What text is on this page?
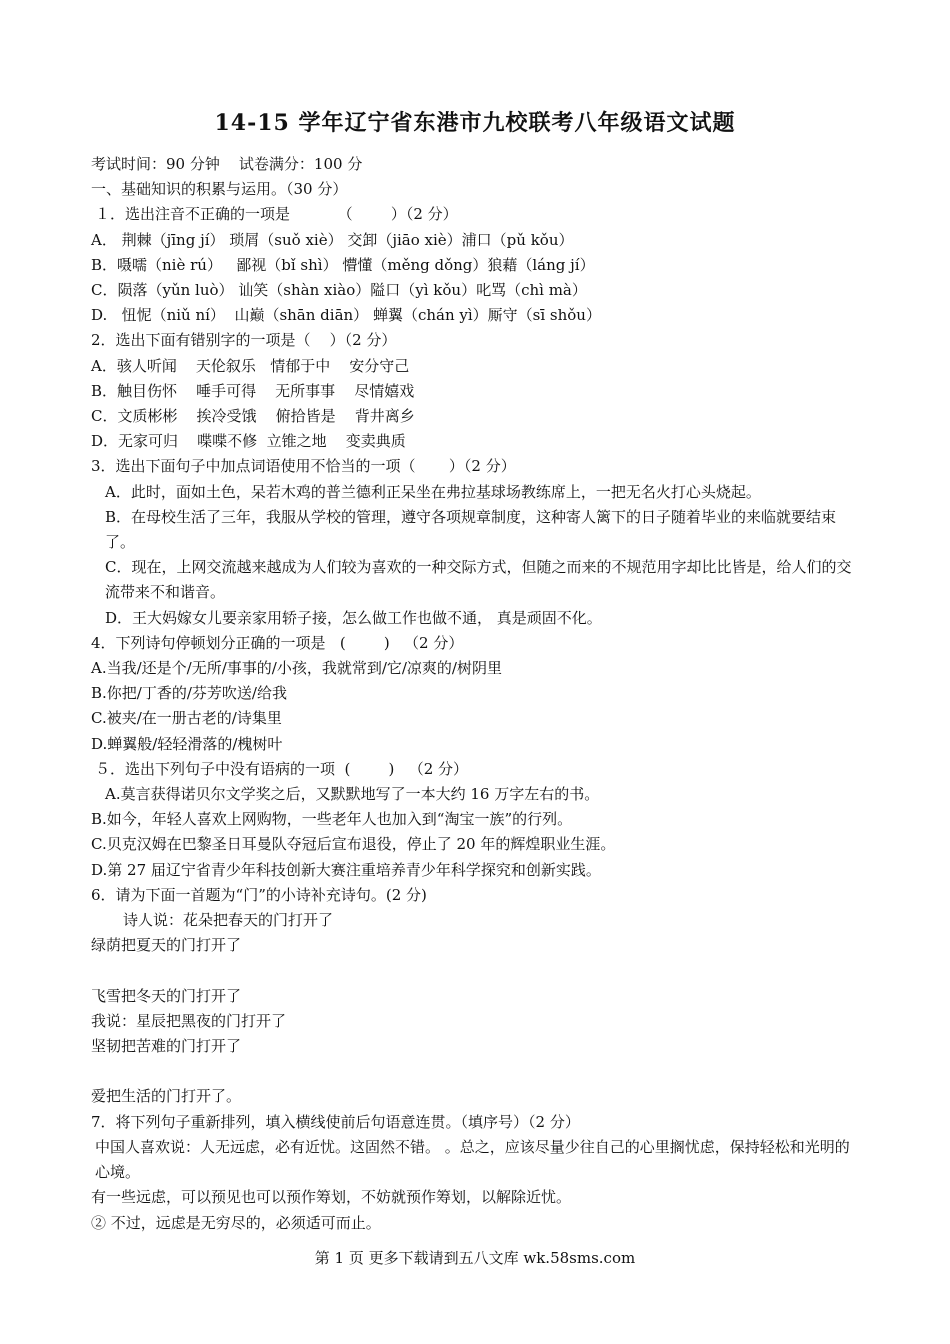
14-15 学年辽宁省东港市九校联考八年级语文试题
考试时间：90 分钟    试卷满分：100 分
一、基础知识的积累与运用。（30 分）
１．选出注音不正确的一项是          （        ）（2 分）
A． 荆棘（jīng jí） 琐屑（suǒ xiè） 交卸（jiāo xiè）浦口（pǔ kǒu）
B．嗫嚅（niè rú）   鄙视（bǐ shì） 懵懂（měng dǒng）狼藉（láng jí）
C．陨落（yǔn luò） 讪笑（shàn xiào）隘口（yì kǒu）叱骂（chì mà）
D.   忸怩（niǔ ní）  山巅（shān diān） 蝉翼（chán yì）厮守（sī shǒu）
2．选出下面有错别字的一项是（    ）（2 分）
A．骇人听闻    天伦叙乐   情郁于中    安分守己
B．触目伤怀    唾手可得    无所事事    尽情嬉戏
C．文质彬彬    挨冷受饿    俯拾皆是    背井离乡
D．无家可归    喋喋不修  立锥之地    变卖典质
3．选出下面句子中加点词语使用不恰当的一项（       ）（2 分）
A．此时，面如土色，呆若木鸡的普兰德利正呆坐在弗拉基球场教练席上，一把无名火打心头烧起。
B．在母校生活了三年，我服从学校的管理，遵守各项规章制度，这种寄人篱下的日子随着毕业的来临就要结束了。
C．现在，上网交流越来越成为人们较为喜欢的一种交际方式，但随之而来的不规范用字却比比皆是，给人们的交流带来不和谐音。
D．王大妈嫁女儿要亲家用轿子接，怎么做工作也做不通， 真是顽固不化。
4．下列诗句停顿划分正确的一项是   (        )   （2 分）
A.当我/还是个/无所/事事的/小孩，我就常到/它/凉爽的/树阴里
B.你把/丁香的/芬芳吹送/给我
C.被夹/在一册古老的/诗集里
D.蝉翼般/轻轻滑落的/槐树叶
５．选出下列句子中没有语病的一项  (        )   （2 分）
A.莫言获得诺贝尔文学奖之后，又默默地写了一本大约 16 万字左右的书。
B.如今，年轻人喜欢上网购物，一些老年人也加入到“淘宝一族”的行列。
C.贝克汉姆在巴黎圣日耳曼队夺冠后宣布退役，停止了 20 年的辉煌职业生涯。
D.第 27 届辽宁省青少年科技创新大赛注重培养青少年科学探究和创新实践。
6．请为下面一首题为“门”的小诗补充诗句。(2 分)
诗人说：花朵把春天的门打开了
绿荫把夏天的门打开了
飞雪把冬天的门打开了
我说：星辰把黑夜的门打开了
坚韧把苦难的门打开了
爱把生活的门打开了。
7．将下列句子重新排列，填入横线使前后句语意连贯。（填序号）（2 分）
中国人喜欢说：人无远虑，必有近忧。这固然不错。 。总之，应该尽量少往自己的心里搁忧虑，保持轻松和光明的心境。
有一些远虑，可以预见也可以预作筹划，不妨就预作筹划，以解除近忧。
② 不过，远虑是无穷尽的，必须适可而止。
第 1 页 更多下载请到五八文库 wk.58sms.com
